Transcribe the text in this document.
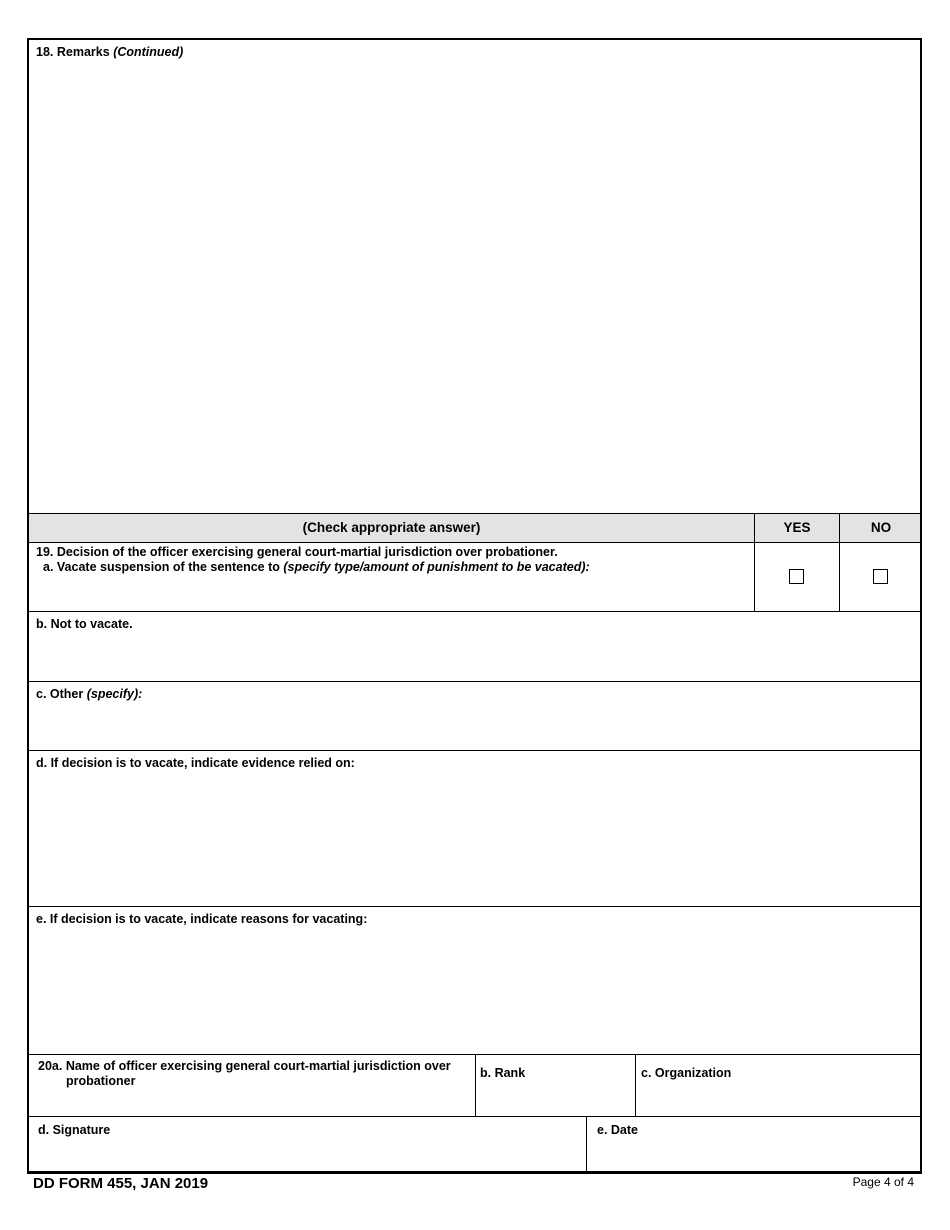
18. Remarks (Continued)
(Check appropriate answer)	YES	NO
19. Decision of the officer exercising general court-martial jurisdiction over probationer.
a. Vacate suspension of the sentence to (specify type/amount of punishment to be vacated):
b. Not to vacate.
c. Other (specify):
d. If decision is to vacate, indicate evidence relied on:
e. If decision is to vacate, indicate reasons for vacating:
20a. Name of officer exercising general court-martial jurisdiction over
probationer
b. Rank	c. Organization
d. Signature	e. Date
DD FORM 455, JAN 2019	Page 4 of 4
